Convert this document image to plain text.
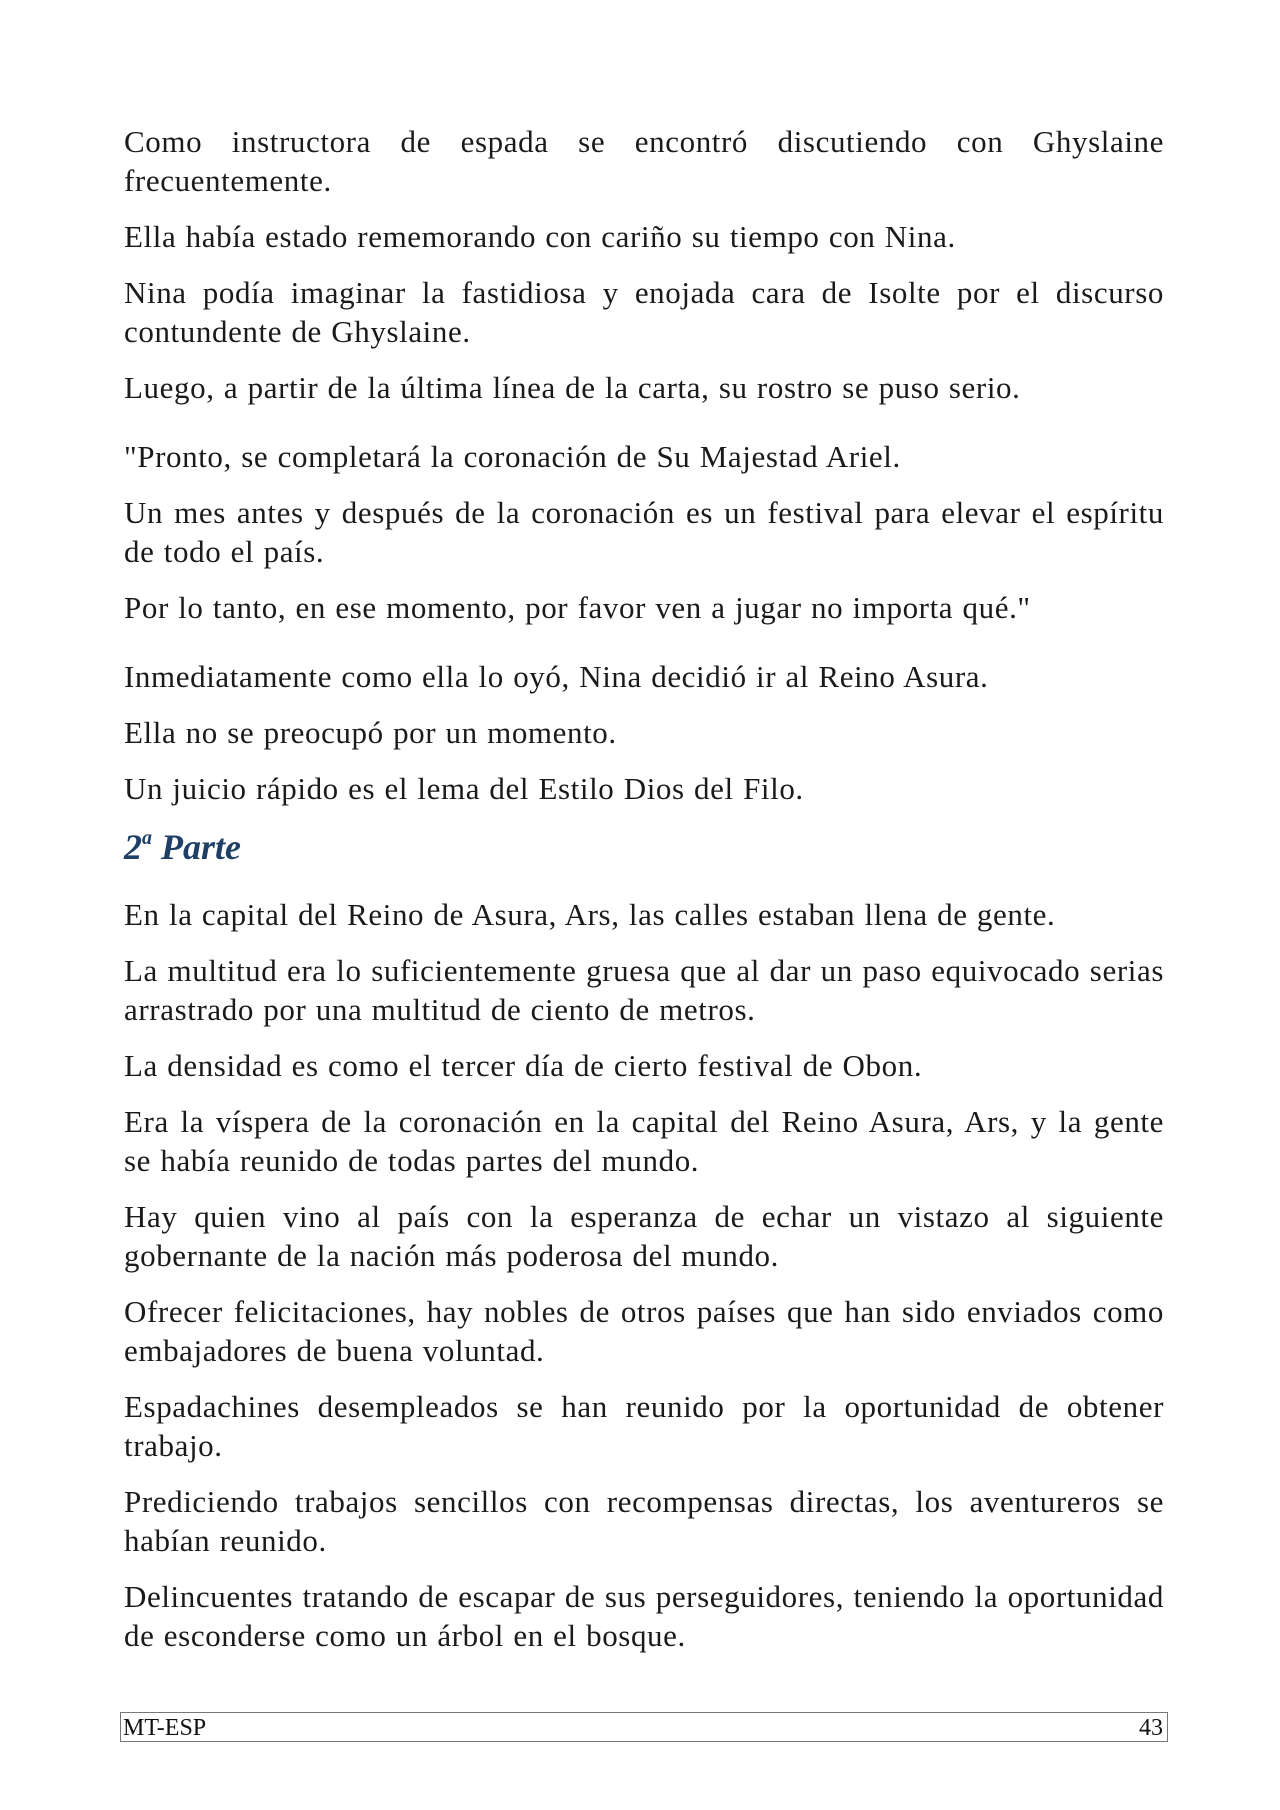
Como instructora de espada se encontró discutiendo con Ghyslaine frecuentemente.

Ella había estado rememorando con cariño su tiempo con Nina.

Nina podía imaginar la fastidiosa y enojada cara de Isolte por el discurso contundente de Ghyslaine.

Luego, a partir de la última línea de la carta, su rostro se puso serio.

"Pronto, se completará la coronación de Su Majestad Ariel.

Un mes antes y después de la coronación es un festival para elevar el espíritu de todo el país.

Por lo tanto, en ese momento, por favor ven a jugar no importa qué."

Inmediatamente como ella lo oyó, Nina decidió ir al Reino Asura.

Ella no se preocupó por un momento.

Un juicio rápido es el lema del Estilo Dios del Filo.

2$^a$ Parte

En la capital del Reino de Asura, Ars, las calles estaban llena de gente.

La multitud era lo suficientemente gruesa que al dar un paso equivocado serias arrastrado por una multitud de ciento de metros.

La densidad es como el tercer día de cierto festival de Obon.

Era la víspera de la coronación en la capital del Reino Asura, Ars, y la gente se había reunido de todas partes del mundo.

Hay quien vino al país con la esperanza de echar un vistazo al siguiente gobernante de la nación más poderosa del mundo.

Ofrecer felicitaciones, hay nobles de otros países que han sido enviados como embajadores de buena voluntad.

Espadachines desempleados se han reunido por la oportunidad de obtener trabajo.

Prediciendo trabajos sencillos con recompensas directas, los aventureros se habían reunido.

Delincuentes tratando de escapar de sus perseguidores, teniendo la oportunidad de esconderse como un árbol en el bosque.

MT-ESP	43
